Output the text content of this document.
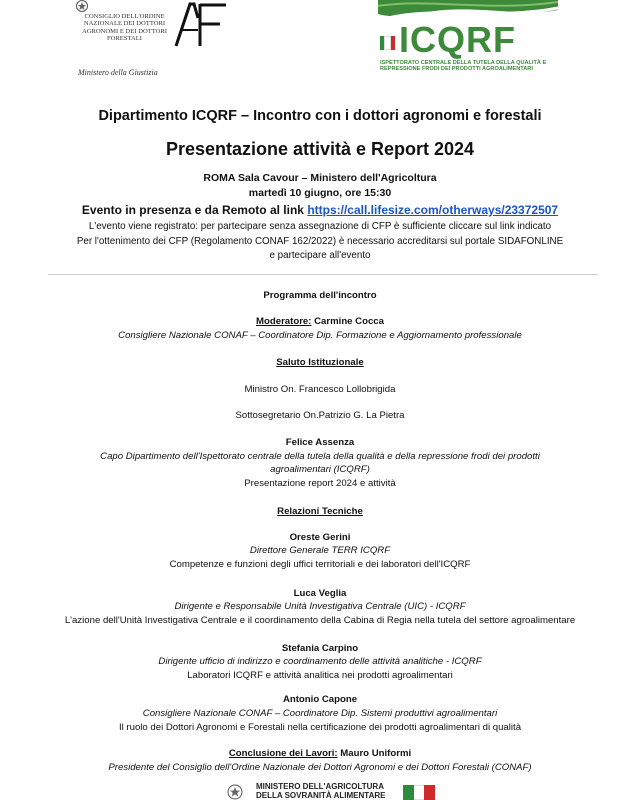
CONSIGLIO DELL'ORDINE NAZIONALE DEI DOTTORI AGRONOMI E DEI DOTTORI FORESTALI
Ministero della Giustizia
ICQRF
ISPETTORATO CENTRALE DELLA TUTELA DELLA QUALITÀ E REPRESSIONE FRODI DEI PRODOTTI AGROALIMENTARI
Dipartimento ICQRF – Incontro con i dottori agronomi e forestali
Presentazione attività e Report 2024
ROMA Sala Cavour – Ministero dell'Agricoltura
martedì 10 giugno, ore 15:30
Evento in presenza e da Remoto al link https://call.lifesize.com/otherways/23372507
L'evento viene registrato: per partecipare senza assegnazione di CFP è sufficiente cliccare sul link indicato
Per l'ottenimento dei CFP (Regolamento CONAF 162/2022) è necessario accreditarsi sul portale SIDAFONLINE
e partecipare all'evento
Programma dell'incontro
Moderatore: Carmine Cocca
Consigliere Nazionale CONAF – Coordinatore Dip. Formazione e Aggiornamento professionale
Saluto Istituzionale
Ministro On. Francesco Lollobrigida
Sottosegretario On.Patrizio G. La Pietra
Felice Assenza
Capo Dipartimento dell'Ispettorato centrale della tutela della qualità e della repressione frodi dei prodotti
agroalimentari (ICQRF)
Presentazione report 2024 e attività
Relazioni Tecniche
Oreste Gerini
Direttore Generale TERR ICQRF
Competenze e funzioni degli uffici territoriali e dei laboratori dell'ICQRF
Luca Veglia
Dirigente e Responsabile Unità Investigativa Centrale (UIC) - ICQRF
L'azione dell'Unità Investigativa Centrale e il coordinamento della Cabina di Regia nella tutela del settore agroalimentare
Stefania Carpino
Dirigente ufficio di indirizzo e coordinamento delle attività analitiche - ICQRF
Laboratori ICQRF e attività analitica nei prodotti agroalimentari
Antonio Capone
Consigliere Nazionale CONAF – Coordinatore Dip. Sistemi produttivi agroalimentari
Il ruolo dei Dottori Agronomi e Forestali nella certificazione dei prodotti agroalimentari di qualità
Conclusione dei Lavori: Mauro Uniformi
Presidente del Consiglio dell'Ordine Nazionale dei Dottori Agronomi e dei Dottori Forestali (CONAF)
MINISTERO DELL'AGRICOLTURA
DELLA SOVRANITÀ ALIMENTARE
